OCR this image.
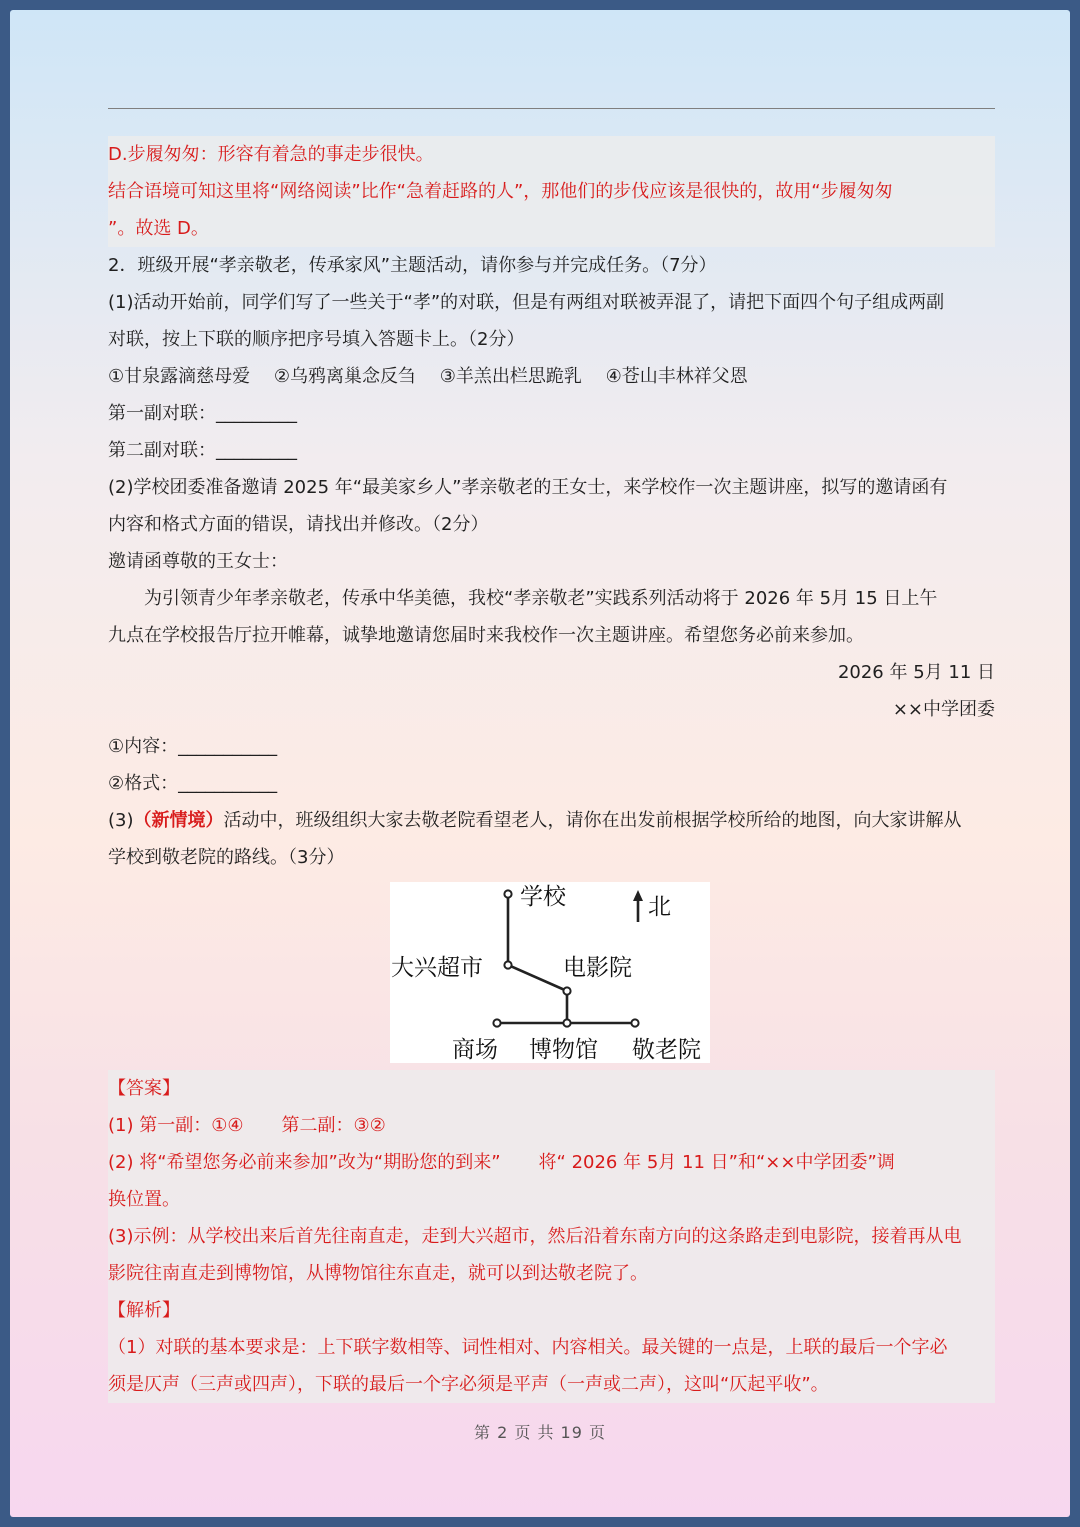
D.步履匆匆：形容有着急的事走步很快。

结合语境可知这里将“网络阅读”比作“急着赶路的人”，那他们的步伐应该是很快的，故用“步履匆匆

”。故选 D。

2．班级开展“孝亲敬老，传承家风”主题活动，请你参与并完成任务。（7分）

(1)活动开始前，同学们写了一些关于“孝”的对联，但是有两组对联被弄混了，请把下面四个句子组成两副

对联，按上下联的顺序把序号填入答题卡上。（2分）

①甘泉露滴慈母爱 ②乌鸦离巢念反刍 ③羊羔出栏思跪乳 ④苍山丰林祥父恩

第一副对联：_________

第二副对联：_________

(2)学校团委准备邀请 2025 年“最美家乡人”孝亲敬老的王女士，来学校作一次主题讲座，拟写的邀请函有

内容和格式方面的错误，请找出并修改。（2分）

邀请函尊敬的王女士：

为引领青少年孝亲敬老，传承中华美德，我校“孝亲敬老”实践系列活动将于 2026 年 5月 15 日上午

九点在学校报告厅拉开帷幕，诚挚地邀请您届时来我校作一次主题讲座。希望您务必前来参加。

2026 年 5月 11 日

××中学团委

①内容：___________

②格式：___________

(3)（新情境）活动中，班级组织大家去敬老院看望老人，请你在出发前根据学校所给的地图，向大家讲解从

学校到敬老院的路线。（3分）

学校	北
大兴超市	电影院
商场 博物馆 敬老院

【答案】

(1) 第一副：①④ 第二副：③②

(2) 将“希望您务必前来参加”改为“期盼您的到来” 将“ 2026 年 5月 11 日”和“××中学团委”调

换位置。

(3)示例：从学校出来后首先往南直走，走到大兴超市，然后沿着东南方向的这条路走到电影院，接着再从电

影院往南直走到博物馆，从博物馆往东直走，就可以到达敬老院了。

【解析】

（1）对联的基本要求是：上下联字数相等、词性相对、内容相关。最关键的一点是，上联的最后一个字必

须是仄声（三声或四声），下联的最后一个字必须是平声（一声或二声），这叫“仄起平收”。

第 2 页 共 19 页
